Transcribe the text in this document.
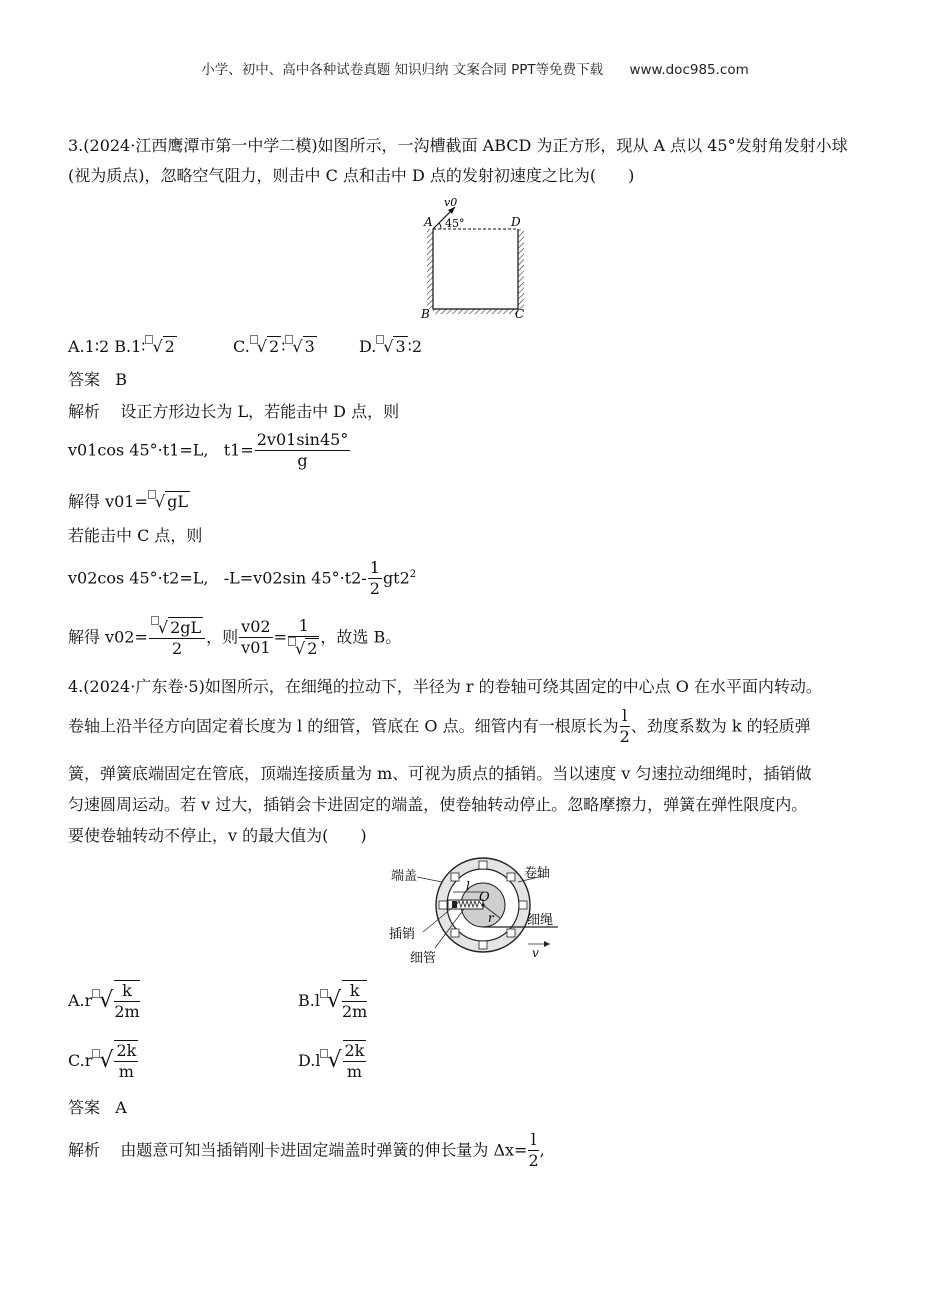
小学、初中、高中各种试卷真题 知识归纳 文案合同 PPT等免费下载 www.doc985.com
3.(2024·江西鹰潭市第一中学二模)如图所示，一沟槽截面 ABCD 为正方形，现从 A 点以 45°发射角发射小球
(视为质点)，忽略空气阻力，则击中 C 点和击中 D 点的发射初速度之比为(　　)
v0
A 45°	D
B	C
A.1∶2 B.1∶ √ 2	C. √ 2 ∶ √ 3	D. √ 3 ∶2
答案 B
解析 设正方形边长为 L，若能击中 D 点，则
v01cos 45°·t1=L, $t1= \frac{2v01\sin 45^\circ}{g}$
解得 v01= √ gL
若能击中 C 点，则
v02cos 45°·t2=L, -L=v02sin $45^\circ\cdot t2- \frac{1}{2} gt2^2$
解得 $v02= \frac{√ 2gL}{2}$ ，则 $\frac{v02}{v01} = \frac{1}{√ 2}$ ，故选 B。
4.(2024·广东卷·5)如图所示，在细绳的拉动下，半径为 r 的卷轴可绕其固定的中心点 O 在水平面内转动。
卷轴上沿半径方向固定着长度为 l 的细管，管底在 O 点。细管内有一根原长为 $\frac{l}{2}$ 、劲度系数为 k 的轻质弹
簧，弹簧底端固定在管底，顶端连接质量为 m、可视为质点的插销。当以速度 v 匀速拉动细绳时，插销做
匀速圆周运动。若 v 过大，插销会卡进固定的端盖，使卷轴转动停止。忽略摩擦力，弹簧在弹性限度内。
要使卷轴转动不停止，v 的最大值为(　　)
端盖	卷轴
插销
细管
细绳
l
O
r
v
A.r √ $\frac{k}{2m}$	B.l √ $\frac{k}{2m}$
C.r √ $\frac{2k}{m}$	D.l √ $\frac{2k}{m}$
答案 A
解析 由题意可知当插销刚卡进固定端盖时弹簧的伸长量为 $\Delta x= \frac{l}{2}$ ,
